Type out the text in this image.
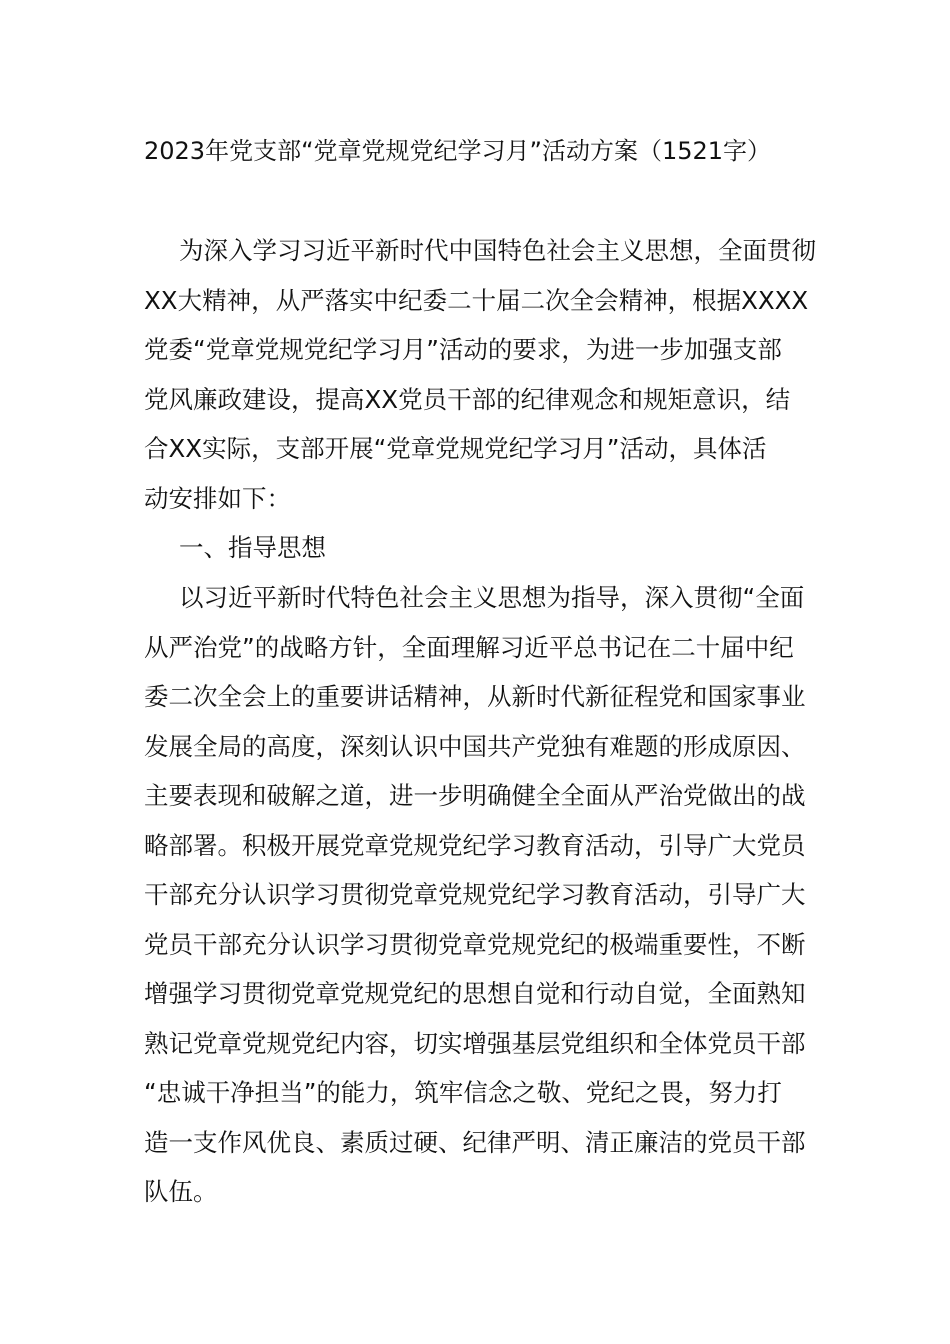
2023年党支部“党章党规党纪学习月”活动方案（1521字）
为深入学习习近平新时代中国特色社会主义思想，全面贯彻
XX大精神，从严落实中纪委二十届二次全会精神，根据XXXX
党委“党章党规党纪学习月”活动的要求，为进一步加强支部
党风廉政建设，提高XX党员干部的纪律观念和规矩意识，结
合XX实际，支部开展“党章党规党纪学习月”活动，具体活
动安排如下：
一、指导思想
以习近平新时代特色社会主义思想为指导，深入贯彻“全面
从严治党”的战略方针，全面理解习近平总书记在二十届中纪
委二次全会上的重要讲话精神，从新时代新征程党和国家事业
发展全局的高度，深刻认识中国共产党独有难题的形成原因、
主要表现和破解之道，进一步明确健全全面从严治党做出的战
略部署。积极开展党章党规党纪学习教育活动，引导广大党员
干部充分认识学习贯彻党章党规党纪学习教育活动，引导广大
党员干部充分认识学习贯彻党章党规党纪的极端重要性，不断
增强学习贯彻党章党规党纪的思想自觉和行动自觉，全面熟知
熟记党章党规党纪内容，切实增强基层党组织和全体党员干部
“忠诚干净担当”的能力，筑牢信念之敬、党纪之畏，努力打
造一支作风优良、素质过硬、纪律严明、清正廉洁的党员干部
队伍。
